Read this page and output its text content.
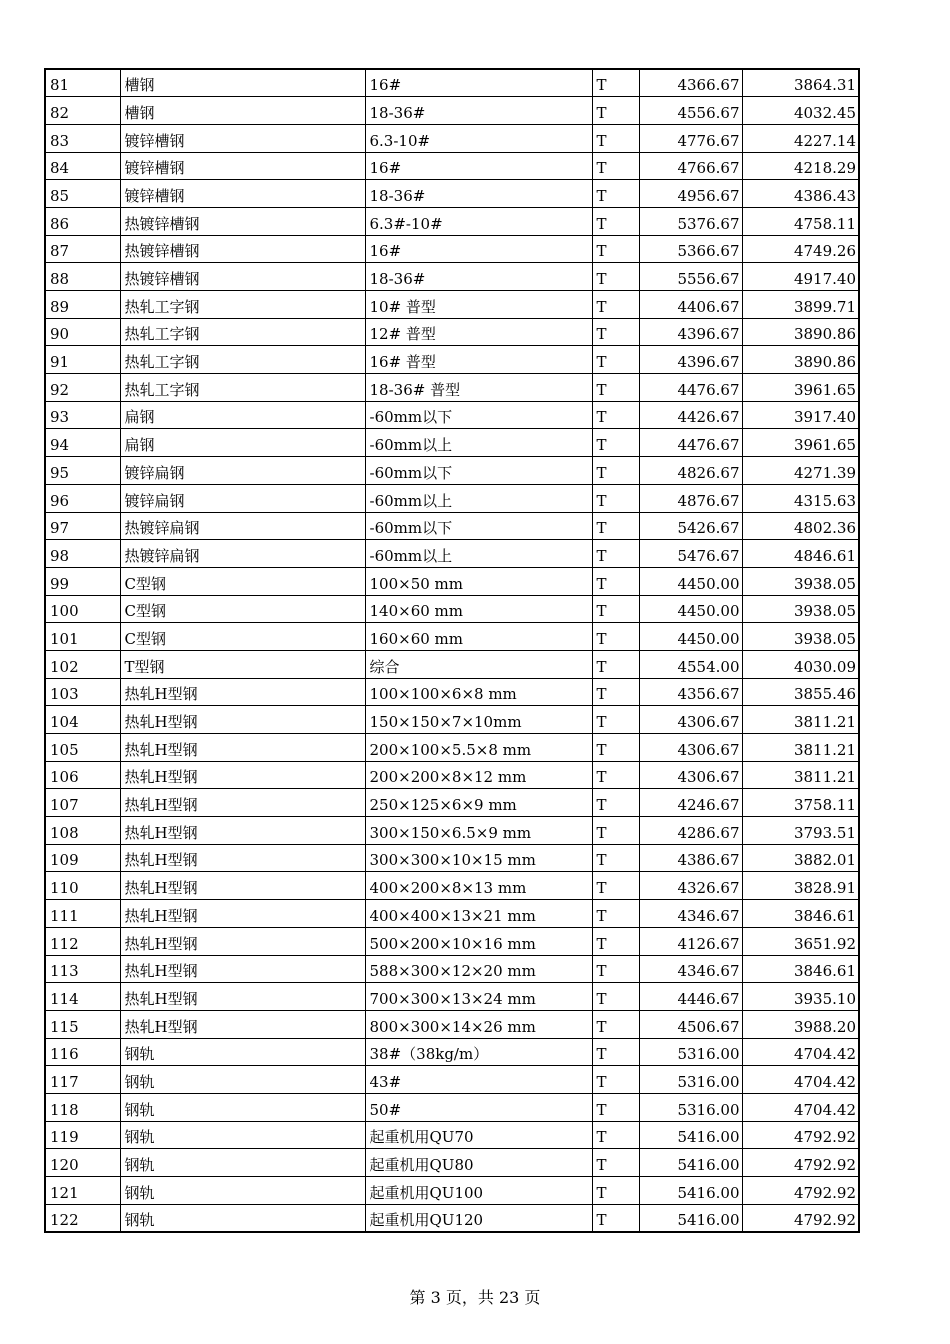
81	槽钢	16#	T	4366.67	3864.31
82	槽钢	18-36#	T	4556.67	4032.45
83	镀锌槽钢	6.3-10#	T	4776.67	4227.14
84	镀锌槽钢	16#	T	4766.67	4218.29
85	镀锌槽钢	18-36#	T	4956.67	4386.43
86	热镀锌槽钢	6.3#-10#	T	5376.67	4758.11
87	热镀锌槽钢	16#	T	5366.67	4749.26
88	热镀锌槽钢	18-36#	T	5556.67	4917.40
89	热轧工字钢	10# 普型	T	4406.67	3899.71
90	热轧工字钢	12# 普型	T	4396.67	3890.86
91	热轧工字钢	16# 普型	T	4396.67	3890.86
92	热轧工字钢	18-36# 普型	T	4476.67	3961.65
93	扁钢	-60mm以下	T	4426.67	3917.40
94	扁钢	-60mm以上	T	4476.67	3961.65
95	镀锌扁钢	-60mm以下	T	4826.67	4271.39
96	镀锌扁钢	-60mm以上	T	4876.67	4315.63
97	热镀锌扁钢	-60mm以下	T	5426.67	4802.36
98	热镀锌扁钢	-60mm以上	T	5476.67	4846.61
99	C型钢	100×50 mm	T	4450.00	3938.05
100	C型钢	140×60 mm	T	4450.00	3938.05
101	C型钢	160×60 mm	T	4450.00	3938.05
102	T型钢	综合	T	4554.00	4030.09
103	热轧H型钢	100×100×6×8 mm	T	4356.67	3855.46
104	热轧H型钢	150×150×7×10mm	T	4306.67	3811.21
105	热轧H型钢	200×100×5.5×8 mm	T	4306.67	3811.21
106	热轧H型钢	200×200×8×12 mm	T	4306.67	3811.21
107	热轧H型钢	250×125×6×9 mm	T	4246.67	3758.11
108	热轧H型钢	300×150×6.5×9 mm	T	4286.67	3793.51
109	热轧H型钢	300×300×10×15 mm	T	4386.67	3882.01
110	热轧H型钢	400×200×8×13 mm	T	4326.67	3828.91
111	热轧H型钢	400×400×13×21 mm	T	4346.67	3846.61
112	热轧H型钢	500×200×10×16 mm	T	4126.67	3651.92
113	热轧H型钢	588×300×12×20 mm	T	4346.67	3846.61
114	热轧H型钢	700×300×13×24 mm	T	4446.67	3935.10
115	热轧H型钢	800×300×14×26 mm	T	4506.67	3988.20
116	钢轨	38#（38kg/m）	T	5316.00	4704.42
117	钢轨	43#	T	5316.00	4704.42
118	钢轨	50#	T	5316.00	4704.42
119	钢轨	起重机用QU70	T	5416.00	4792.92
120	钢轨	起重机用QU80	T	5416.00	4792.92
121	钢轨	起重机用QU100	T	5416.00	4792.92
122	钢轨	起重机用QU120	T	5416.00	4792.92
第 3 页，共 23 页
